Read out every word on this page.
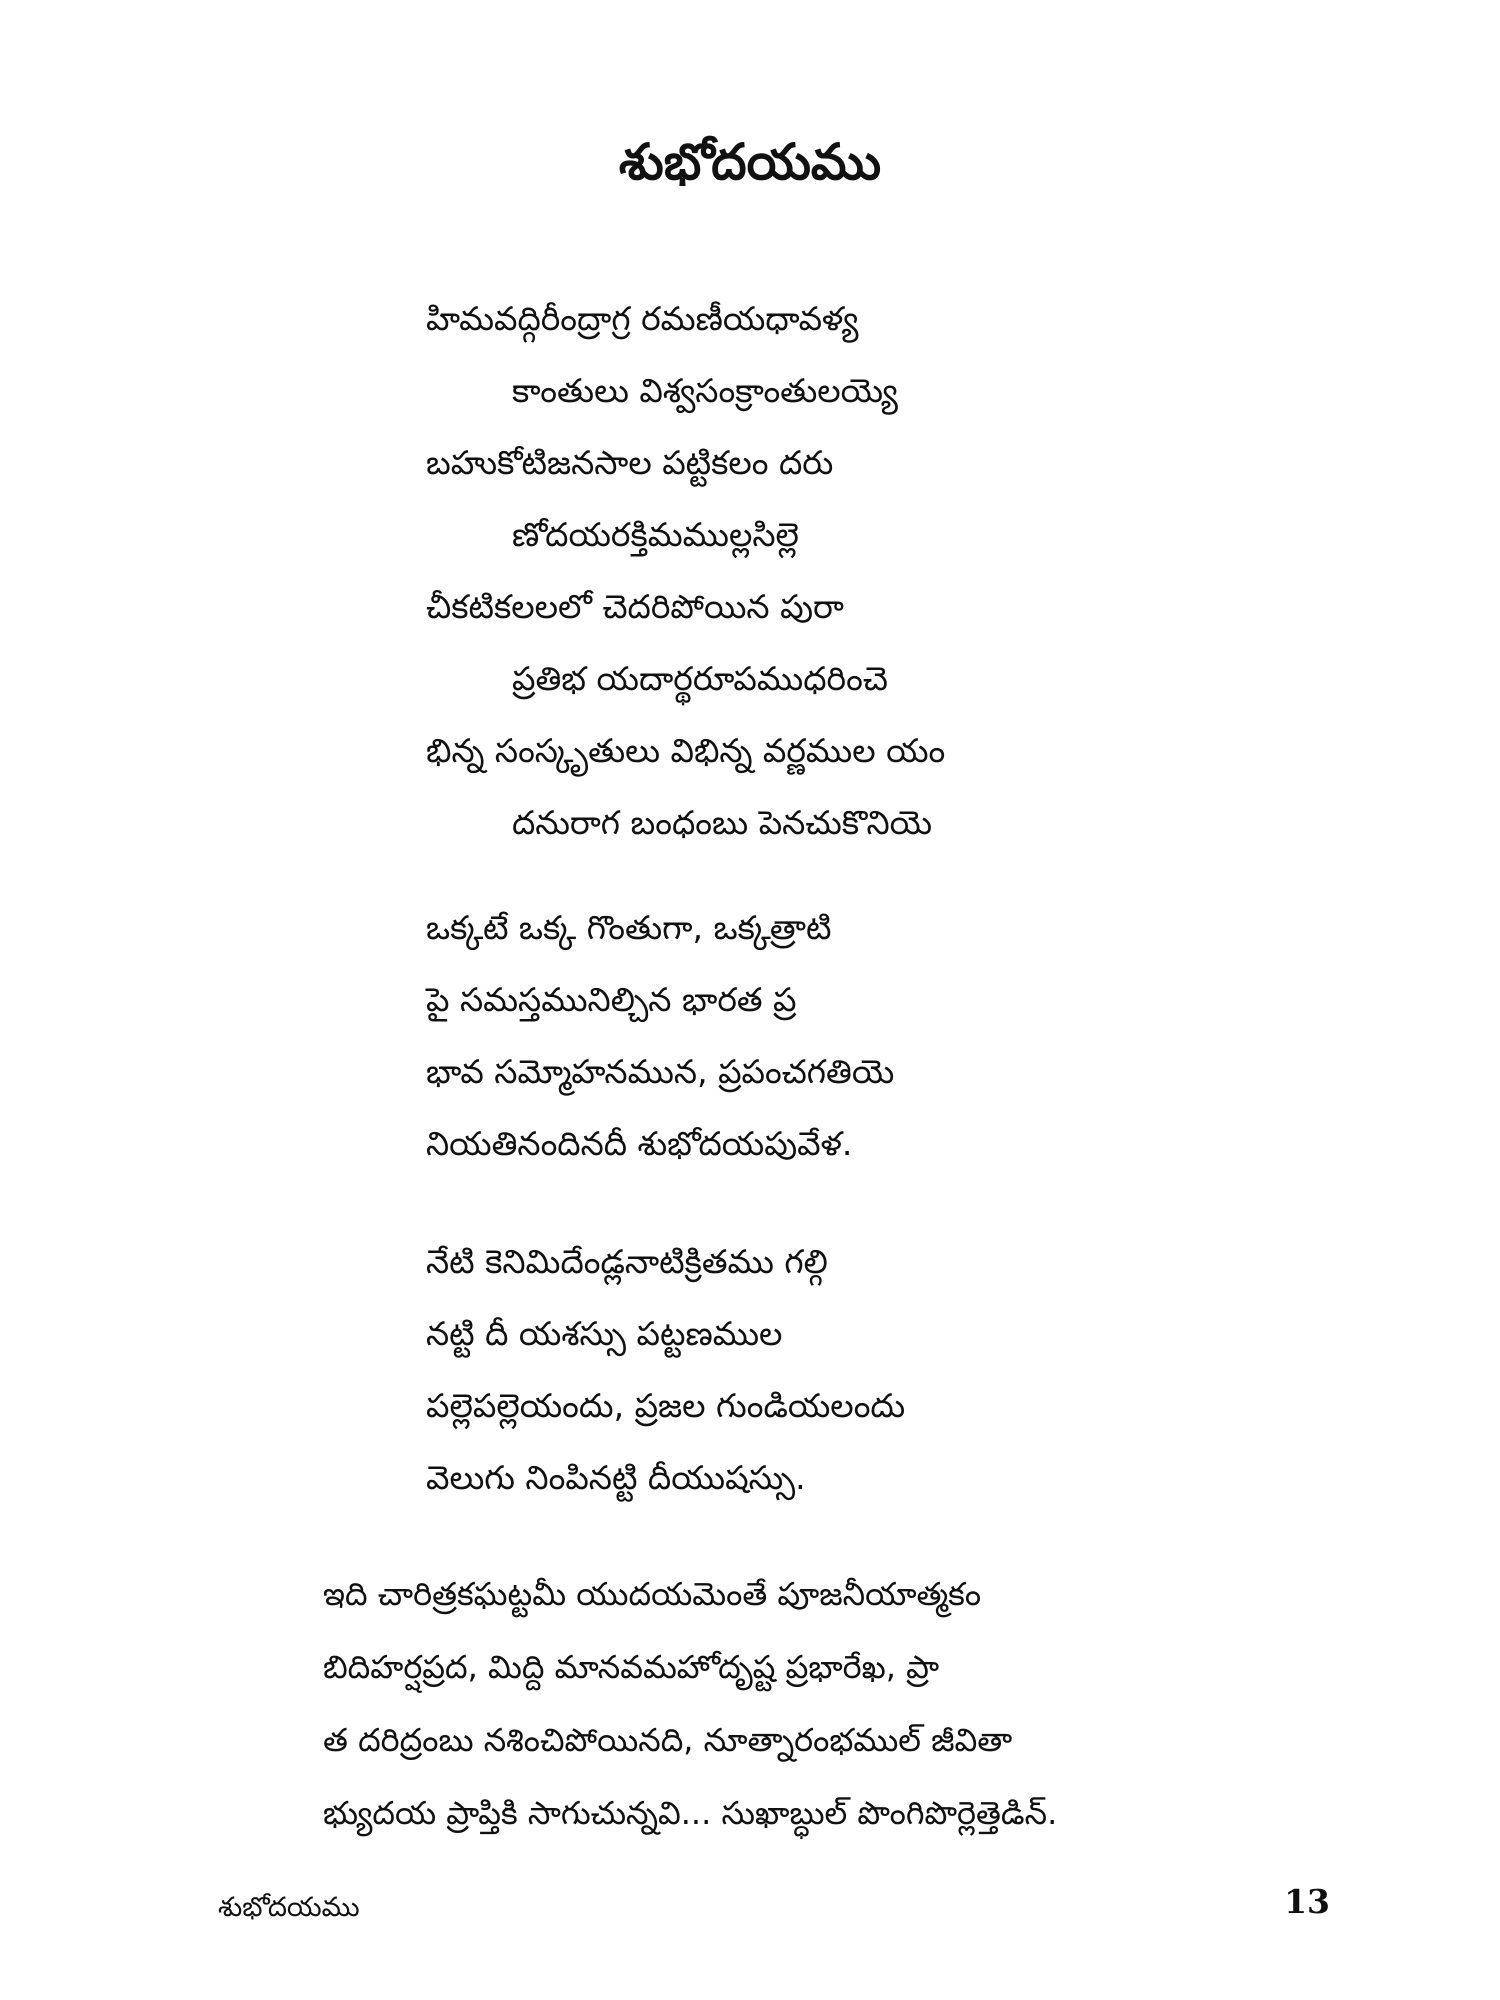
శుభోదయము
హిమవద్గిరీంద్రాగ్ర రమణీయధావళ్య
కాంతులు విశ్వసంక్రాంతులయ్యె
బహుకోటిజనసాల పట్టికలం దరు
ణోదయరక్తిమముల్లసిల్లె
చీకటికలలలో చెదరిపోయిన పురా
ప్రతిభ యదార్థరూపముధరించె
భిన్న సంస్కృతులు విభిన్న వర్ణముల యం
దనురాగ బంధంబు పెనచుకొనియె
ఒక్కటే ఒక్క గొంతుగా, ఒక్కత్రాటి
పై సమస్తమునిల్చిన భారత ప్ర
భావ సమ్మోహనమున, ప్రపంచగతియె
నియతినందినదీ శుభోదయపువేళ.
నేటి కెనిమిదేండ్లనాటిక్రితము గల్గి
నట్టి దీ యశస్సు పట్టణముల
పల్లెపల్లెయందు, ప్రజల గుండియలందు
వెలుగు నింపినట్టి దీయుషస్సు.
ఇది చారిత్రకఘట్టమీ యుదయమెంతే పూజనీయాత్మకం
బిదిహర్షప్రద, మిద్ది మానవమహోదృష్ట ప్రభారేఖ, ప్రా
త దరిద్రంబు నశించిపోయినది, నూత్నారంభముల్ జీవితా
భ్యుదయ ప్రాప్తికి సాగుచున్నవి... సుఖాబ్ధుల్ పొంగిపొర్లెత్తెడిన్.
శుభోదయము	13
